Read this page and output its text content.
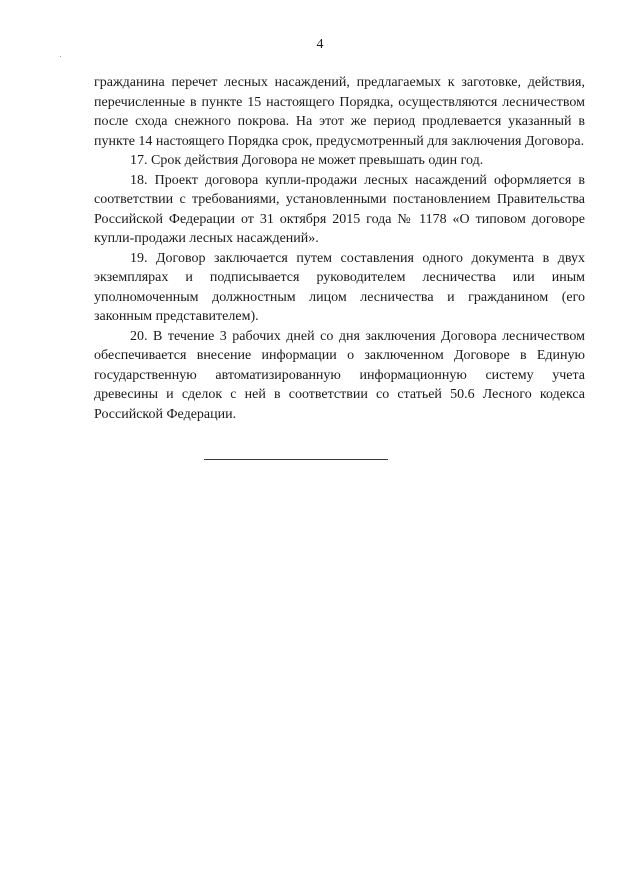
4

гражданина перечет лесных насаждений, предлагаемых к заготовке, действия, перечисленные в пункте 15 настоящего Порядка, осуществляются лесничеством после схода снежного покрова. На этот же период продлевается указанный в пункте 14 настоящего Порядка срок, предусмотренный для заключения Договора.

17. Срок действия Договора не может превышать один год.

18. Проект договора купли-продажи лесных насаждений оформляется в соответствии с требованиями, установленными постановлением Правительства Российской Федерации от 31 октября 2015 года № 1178 «О типовом договоре купли-продажи лесных насаждений».

19. Договор заключается путем составления одного документа в двух экземплярах и подписывается руководителем лесничества или иным уполномоченным должностным лицом лесничества и гражданином (его законным представителем).

20. В течение 3 рабочих дней со дня заключения Договора лесничеством обеспечивается внесение информации о заключенном Договоре в Единую государственную автоматизированную информационную систему учета древесины и сделок с ней в соответствии со статьей 50.6 Лесного кодекса Российской Федерации.
